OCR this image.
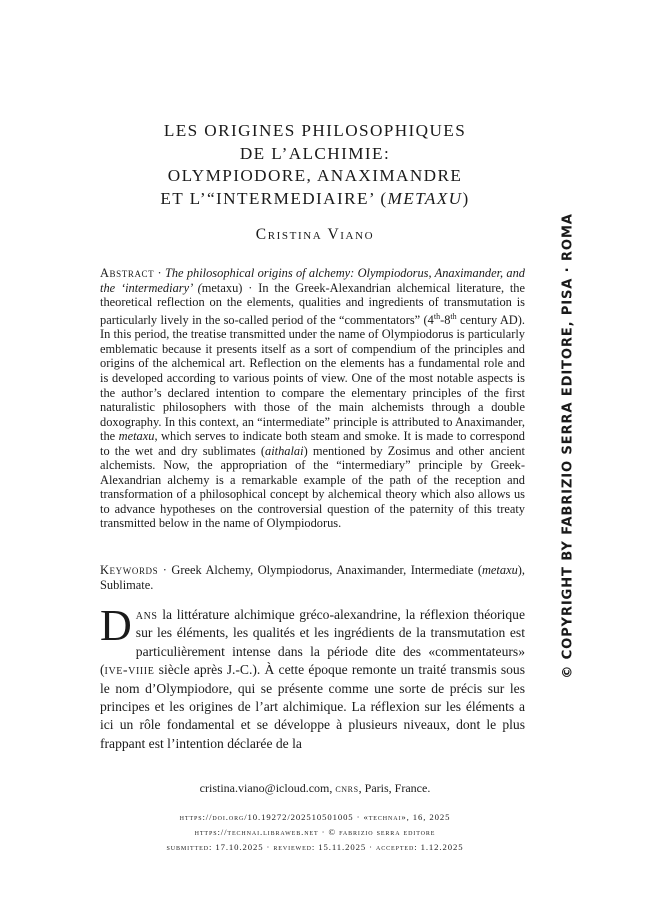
LES ORIGINES PHILOSOPHIQUES
DE L’ALCHIMIE:
OLYMPIODORE, ANAXIMANDRE
ET L’“INTERMEDIAIRE’ (METAXU)
Cristina Viano
Abstract · The philosophical origins of alchemy: Olympiodorus, Anaximander, and the ‘intermediary’ (metaxu) · In the Greek-Alexandrian alchemical literature, the theoretical reflection on the elements, qualities and ingredients of transmutation is particularly lively in the so-called period of the “commentators” (4th-8th century AD). In this period, the treatise transmitted under the name of Olympiodorus is particularly emblematic because it presents itself as a sort of compendium of the principles and origins of the alchemical art. Reflection on the elements has a fundamental role and is developed according to various points of view. One of the most notable aspects is the author’s declared intention to compare the elementary principles of the first naturalistic philosophers with those of the main alchemists through a double doxography. In this context, an “intermediate” principle is attributed to Anaximander, the metaxu, which serves to indicate both steam and smoke. It is made to correspond to the wet and dry sublimates (aithalai) mentioned by Zosimus and other ancient alchemists. Now, the appropriation of the “intermediary” principle by Greek-Alexandrian alchemy is a remarkable example of the path of the reception and transformation of a philosophical concept by alchemical theory which also allows us to advance hypotheses on the controversial question of the paternity of this treaty transmitted below in the name of Olympiodorus.
Keywords · Greek Alchemy, Olympiodorus, Anaximander, Intermediate (metaxu), Sublimate.
Dans la littérature alchimique gréco-alexandrine, la réflexion théorique sur les éléments, les qualités et les ingrédients de la transmutation est particulièrement intense dans la période dite des «commentateurs» (ive-viiie siècle après J.-C.). À cette époque remonte un traité transmis sous le nom d’Olympiodore, qui se présente comme une sorte de précis sur les principes et les origines de l’art alchimique. La réflexion sur les éléments a ici un rôle fondamental et se développe à plusieurs niveaux, dont le plus frappant est l’intention déclarée de la
cristina.viano@icloud.com, cnrs, Paris, France.
https://doi.org/10.19272/202510501005 · «technai», 16, 2025
https://technai.libraweb.net · © fabrizio serra editore
submitted: 17.10.2025 · reviewed: 15.11.2025 · accepted: 1.12.2025
© COPYRIGHT BY FABRIZIO SERRA EDITORE, PISA · ROMA
